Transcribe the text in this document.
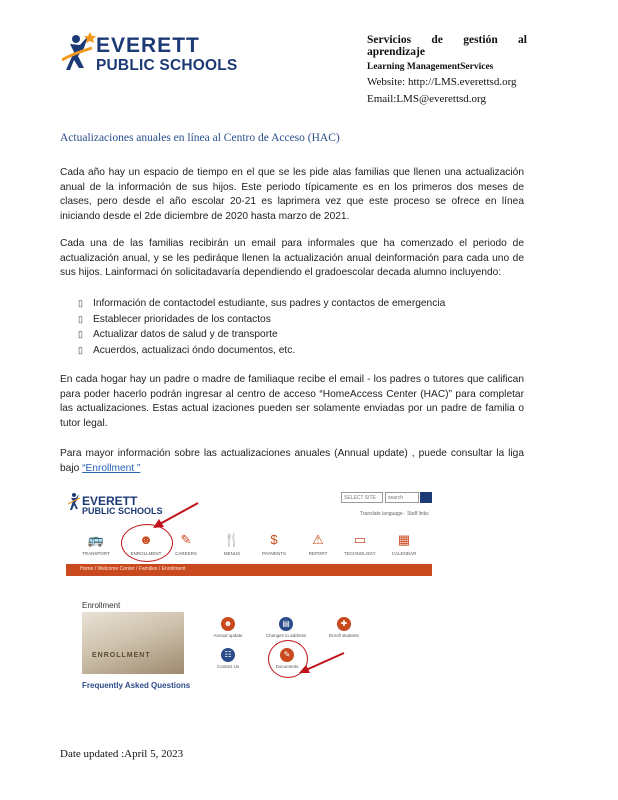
EVERETT
PUBLIC SCHOOLS
Servicios de gestión al aprendizaje
Learning ManagementServices
Website: http://LMS.everettsd.org
Email:LMS@everettsd.org
Actualizaciones anuales en línea al Centro de Acceso (HAC)
Cada año hay un espacio de tiempo en el que se les pide alas familias que llenen una actualización anual de la información de sus hijos. Este periodo típicamente es en los primeros dos meses de clases, pero desde el año escolar 20-21 es laprimera vez que este proceso se ofrece en línea iniciando desde el 2de diciembre de 2020 hasta marzo de 2021.
Cada una de las familias recibirán un email para informales que ha comenzado el periodo de actualización anual, y se les pediráque llenen la actualización anual deinformación para cada uno de sus hijos. Lainformaci ón solicitadavaría dependiendo el gradoescolar decada alumno incluyendo:
▯ Información de contactodel estudiante, sus padres y contactos de emergencia
▯ Establecer prioridades de los contactos
▯ Actualizar datos de salud y de transporte
▯ Acuerdos, actualizaci óndo documentos, etc.
En cada hogar hay un padre o madre de familiaque recibe el email - los padres o tutores que califican para poder hacerlo podrán ingresar al centro de acceso “HomeAccess Center (HAC)” para completar las actualizaciones. Estas actual izaciones pueden ser solamente enviadas por un padre de familia o tutor legal.
Para mayor información sobre las actualizaciones anuales (Annual update) , puede consultar la liga bajo “Enrollment ”
EVERETT
PUBLIC SCHOOLS
SELECT SITE	search
Translate language · Staff links
🚌
TRANSPORT
☻
ENROLLMENT
✎
CAREERS
🍴
MENUS
$
PAYMENTS
⚠
REPORT
▭
TECHNOLOGY
▦
CALENDAR
Home / Welcome Center / Families / Enrollment
Enrollment
ENROLLMENT
Frequently Asked Questions
☻
Annual update
▤
Changes to address
✚
Enroll students
☷
Contact Us
✎
Documents
Date updated :April 5, 2023
